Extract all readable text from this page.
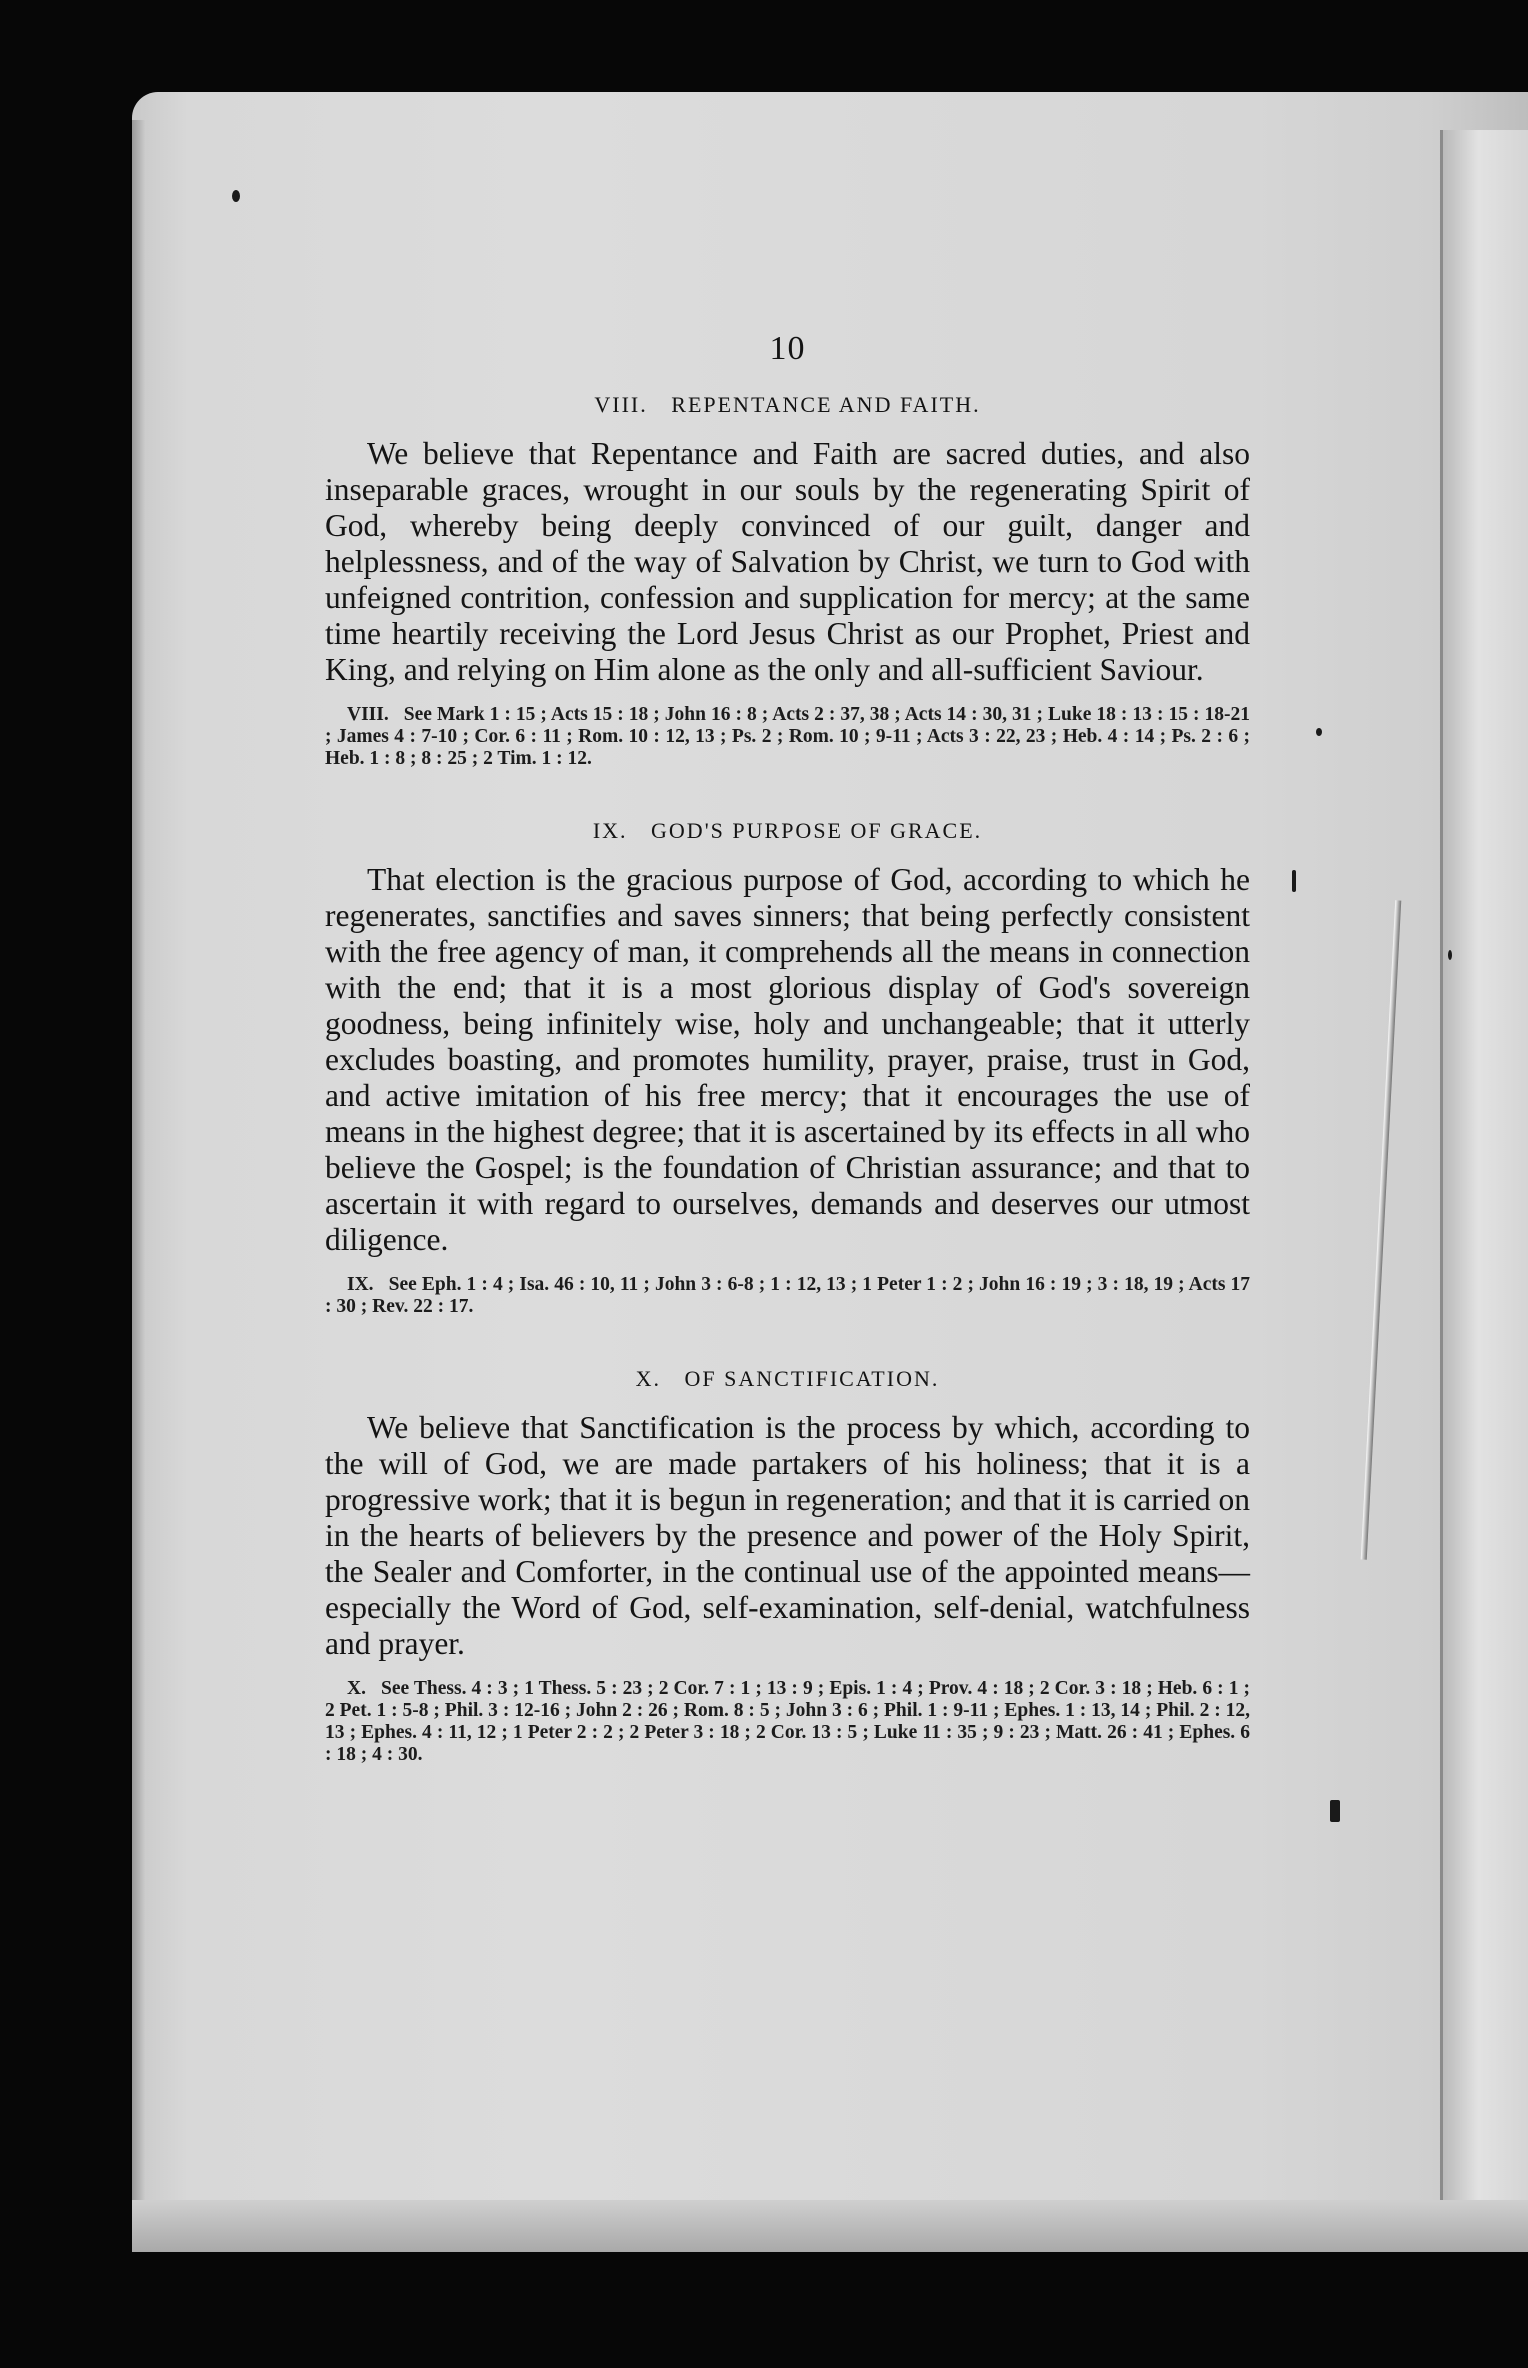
10
VIII. REPENTANCE AND FAITH.

We believe that Repentance and Faith are sacred duties, and also inseparable graces, wrought in our souls by the regenerating Spirit of God, whereby being deeply convinced of our guilt, danger and helplessness, and of the way of Salvation by Christ, we turn to God with unfeigned contrition, confession and supplication for mercy; at the same time heartily receiving the Lord Jesus Christ as our Prophet, Priest and King, and relying on Him alone as the only and all-sufficient Saviour.

VIII. See Mark 1 : 15 ; Acts 15 : 18 ; John 16 : 8 ; Acts 2 : 37, 38 ; Acts 14 : 30, 31 ; Luke 18 : 13 : 15 : 18-21 ; James 4 : 7-10 ; Cor. 6 : 11 ; Rom. 10 : 12, 13 ; Ps. 2 ; Rom. 10 ; 9-11 ; Acts 3 : 22, 23 ; Heb. 4 : 14 ; Ps. 2 : 6 ; Heb. 1 : 8 ; 8 : 25 ; 2 Tim. 1 : 12.

IX. GOD'S PURPOSE OF GRACE.

That election is the gracious purpose of God, according to which he regenerates, sanctifies and saves sinners; that being perfectly consistent with the free agency of man, it comprehends all the means in connection with the end; that it is a most glorious display of God's sovereign goodness, being infinitely wise, holy and unchangeable; that it utterly excludes boasting, and promotes humility, prayer, praise, trust in God, and active imitation of his free mercy; that it encourages the use of means in the highest degree; that it is ascertained by its effects in all who believe the Gospel; is the foundation of Christian assurance; and that to ascertain it with regard to ourselves, demands and deserves our utmost diligence.

IX. See Eph. 1 : 4 ; Isa. 46 : 10, 11 ; John 3 : 6-8 ; 1 : 12, 13 ; 1 Peter 1 : 2 ; John 16 : 19 ; 3 : 18, 19 ; Acts 17 : 30 ; Rev. 22 : 17.

X. OF SANCTIFICATION.

We believe that Sanctification is the process by which, according to the will of God, we are made partakers of his holiness; that it is a progressive work; that it is begun in regeneration; and that it is carried on in the hearts of believers by the presence and power of the Holy Spirit, the Sealer and Comforter, in the continual use of the appointed means—especially the Word of God, self-examination, self-denial, watchfulness and prayer.

X. See Thess. 4 : 3 ; 1 Thess. 5 : 23 ; 2 Cor. 7 : 1 ; 13 : 9 ; Epis. 1 : 4 ; Prov. 4 : 18 ; 2 Cor. 3 : 18 ; Heb. 6 : 1 ; 2 Pet. 1 : 5-8 ; Phil. 3 : 12-16 ; John 2 : 26 ; Rom. 8 : 5 ; John 3 : 6 ; Phil. 1 : 9-11 ; Ephes. 1 : 13, 14 ; Phil. 2 : 12, 13 ; Ephes. 4 : 11, 12 ; 1 Peter 2 : 2 ; 2 Peter 3 : 18 ; 2 Cor. 13 : 5 ; Luke 11 : 35 ; 9 : 23 ; Matt. 26 : 41 ; Ephes. 6 : 18 ; 4 : 30.
